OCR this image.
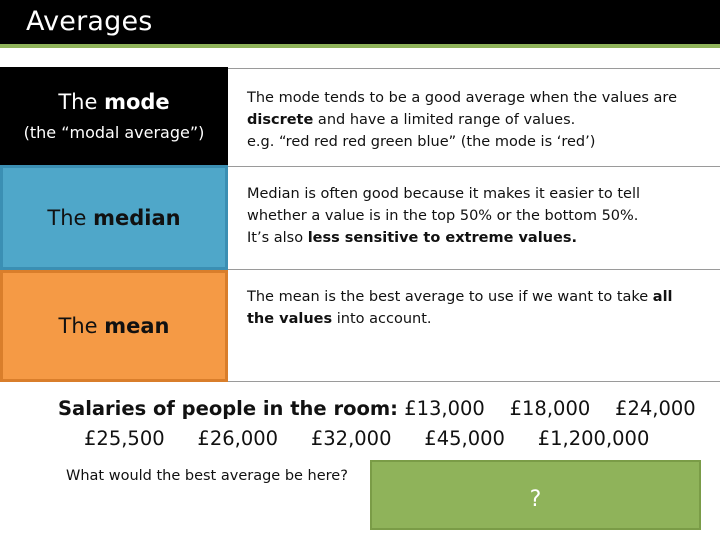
Averages
The mode
(the “modal average”)
The median
The mean
The mode tends to be a good average when the values are
discrete and have a limited range of values.
e.g. “red red red green blue” (the mode is ‘red’)
Median is often good because it makes it easier to tell
whether a value is in the top 50% or the bottom 50%.
It’s also less sensitive to extreme values.
The mean is the best average to use if we want to take all
the values into account.
Salaries of people in the room: £13,000    £18,000    £24,000
£25,500    £26,000    £32,000    £45,000    £1,200,000
What would the best average be here?
?
